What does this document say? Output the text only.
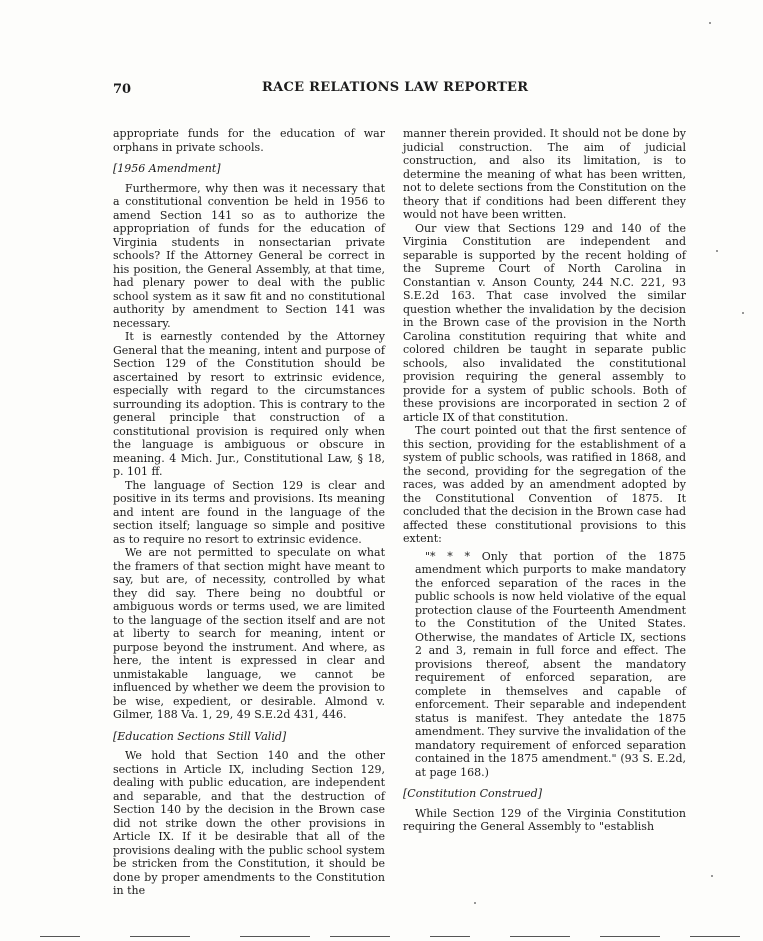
70	RACE RELATIONS LAW REPORTER

appropriate funds for the education of war orphans in private schools.

[1956 Amendment]

Furthermore, why then was it necessary that a constitutional convention be held in 1956 to amend Section 141 so as to authorize the appropriation of funds for the education of Virginia students in nonsectarian private schools? If the Attorney General be correct in his position, the General Assembly, at that time, had plenary power to deal with the public school system as it saw fit and no constitutional authority by amendment to Section 141 was necessary.

It is earnestly contended by the Attorney General that the meaning, intent and purpose of Section 129 of the Constitution should be ascertained by resort to extrinsic evidence, especially with regard to the circumstances surrounding its adoption. This is contrary to the general principle that construction of a constitutional provision is required only when the language is ambiguous or obscure in meaning. 4 Mich. Jur., Constitutional Law, § 18, p. 101 ff.

The language of Section 129 is clear and positive in its terms and provisions. Its meaning and intent are found in the language of the section itself; language so simple and positive as to require no resort to extrinsic evidence.

We are not permitted to speculate on what the framers of that section might have meant to say, but are, of necessity, controlled by what they did say. There being no doubtful or ambiguous words or terms used, we are limited to the language of the section itself and are not at liberty to search for meaning, intent or purpose beyond the instrument. And where, as here, the intent is expressed in clear and unmistakable language, we cannot be influenced by whether we deem the provision to be wise, expedient, or desirable. Almond v. Gilmer, 188 Va. 1, 29, 49 S.E.2d 431, 446.

[Education Sections Still Valid]

We hold that Section 140 and the other sections in Article IX, including Section 129, dealing with public education, are independent and separable, and that the destruction of Section 140 by the decision in the Brown case did not strike down the other provisions in Article IX. If it be desirable that all of the provisions dealing with the public school system be stricken from the Constitution, it should be done by proper amendments to the Constitution in the

manner therein provided. It should not be done by judicial construction. The aim of judicial construction, and also its limitation, is to determine the meaning of what has been written, not to delete sections from the Constitution on the theory that if conditions had been different they would not have been written.

Our view that Sections 129 and 140 of the Virginia Constitution are independent and separable is supported by the recent holding of the Supreme Court of North Carolina in Constantian v. Anson County, 244 N.C. 221, 93 S.E.2d 163. That case involved the similar question whether the invalidation by the decision in the Brown case of the provision in the North Carolina constitution requiring that white and colored children be taught in separate public schools, also invalidated the constitutional provision requiring the general assembly to provide for a system of public schools. Both of these provisions are incorporated in section 2 of article IX of that constitution.

The court pointed out that the first sentence of this section, providing for the establishment of a system of public schools, was ratified in 1868, and the second, providing for the segregation of the races, was added by an amendment adopted by the Constitutional Convention of 1875. It concluded that the decision in the Brown case had affected these constitutional provisions to this extent:

"* * * Only that portion of the 1875 amendment which purports to make mandatory the enforced separation of the races in the public schools is now held violative of the equal protection clause of the Fourteenth Amendment to the Constitution of the United States. Otherwise, the mandates of Article IX, sections 2 and 3, remain in full force and effect. The provisions thereof, absent the mandatory requirement of enforced separation, are complete in themselves and capable of enforcement. Their separable and independent status is manifest. They antedate the 1875 amendment. They survive the invalidation of the mandatory requirement of enforced separation contained in the 1875 amendment." (93 S. E.2d, at page 168.)

[Constitution Construed]

While Section 129 of the Virginia Constitution requiring the General Assembly to "establish
